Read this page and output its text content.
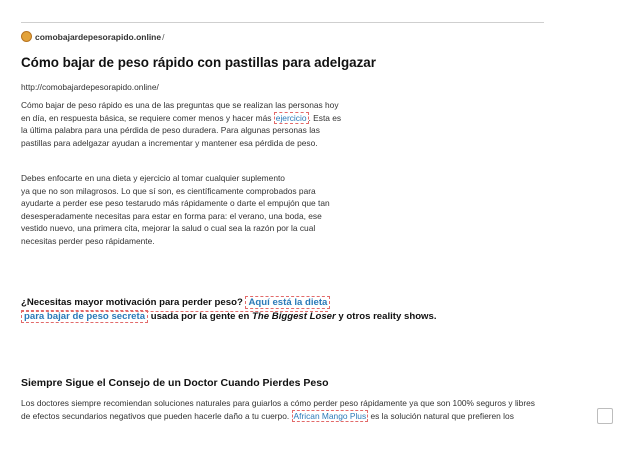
comobajardepesorapido.online /
Cómo bajar de peso rápido con pastillas para adelgazar
http://comobajardepesorapido.online/
Cómo bajar de peso rápido es una de las preguntas que se realizan las personas hoy
en día, en respuesta básica, se requiere comer menos y hacer más ejercicio . Esta es
la última palabra para una pérdida de peso duradera. Para algunas personas las
pastillas para adelgazar ayudan a incrementar y mantener esa pérdida de peso.
Debes enfocarte en una dieta y ejercicio al tomar cualquier suplemento
ya que no son milagrosos. Lo que sí son, es científicamente comprobados para
ayudarte a perder ese peso testarudo más rápidamente o darte el empujón que tan
desesperadamente necesitas para estar en forma para: el verano, una boda, ese
vestido nuevo, una primera cita, mejorar la salud o cual sea la razón por la cual
necesitas perder peso rápidamente.
¿Necesitas mayor motivación para perder peso? Aquí está la dieta
para bajar de peso secreta usada por la gente en The Biggest Loser y otros reality shows.
Siempre Sigue el Consejo de un Doctor Cuando Pierdes Peso
Los doctores siempre recomiendan soluciones naturales para guiarlos a cómo perder peso rápidamente ya que son 100% seguros y libres
de efectos secundarios negativos que pueden hacerle daño a tu cuerpo. African Mango Plus es la solución natural que prefieren los
